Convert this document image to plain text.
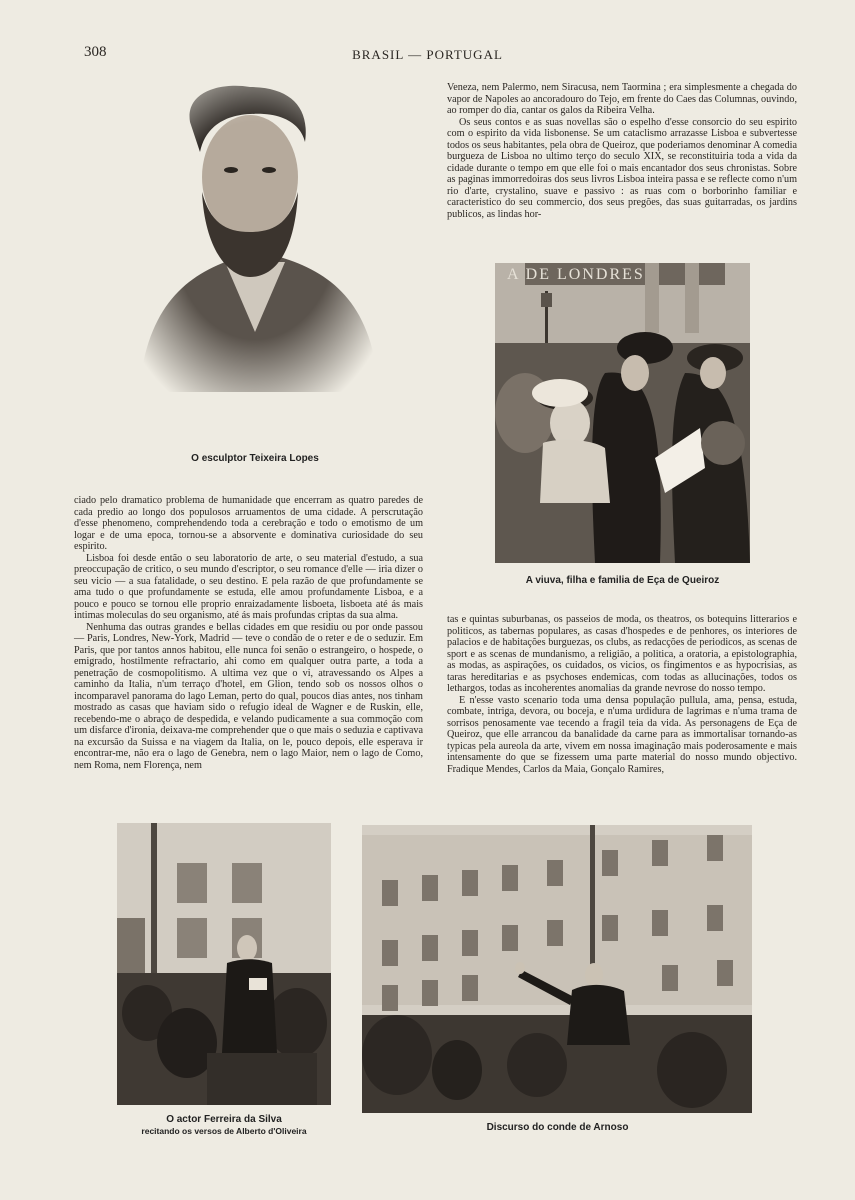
308	BRASIL — PORTUGAL
O esculptor Teixeira Lopes

Veneza, nem Palermo, nem Siracusa, nem Taormina ; era simplesmente a chegada do vapor de Napoles ao ancoradouro do Tejo, em frente do Caes das Columnas, ouvindo, ao romper do dia, cantar os galos da Ribeira Velha.

Os seus contos e as suas novellas são o espelho d'esse consorcio do seu espirito com o espirito da vida lisbonense. Se um cataclismo arrazasse Lisboa e subvertesse todos os seus habitantes, pela obra de Queiroz, que poderiamos denominar A comedia burgueza de Lisboa no ultimo terço do seculo XIX, se reconstituiria toda a vida da cidade durante o tempo em que elle foi o mais encantador dos seus chronistas. Sobre as paginas immorredoiras dos seus livros Lisboa inteira passa e se reflecte como n'um rio d'arte, crystalino, suave e passivo : as ruas com o borborinho familiar e caracteristico do seu commercio, dos seus pregões, das suas guitarradas, os jardins publicos, as lindas hor-

A DE LONDRES
A viuva, filha e familia de Eça de Queiroz

ciado pelo dramatico problema de humanidade que encerram as quatro paredes de cada predio ao longo dos populosos arruamentos de uma cidade. A perscrutação d'esse phenomeno, comprehendendo toda a cerebração e todo o emotismo de um logar e de uma epoca, tornou-se a absorvente e dominativa curiosidade do seu espirito.

Lisboa foi desde então o seu laboratorio de arte, o seu material d'estudo, a sua preoccupação de critico, o seu mundo d'escriptor, o seu romance d'elle — iria dizer o seu vicio — a sua fatalidade, o seu destino. E pela razão de que profundamente se ama tudo o que profundamente se estuda, elle amou profundamente Lisboa, e a pouco e pouco se tornou elle proprio enraizadamente lisboeta, lisboeta até ás mais intimas moleculas do seu organismo, até ás mais profundas criptas da sua alma.

Nenhuma das outras grandes e bellas cidades em que residiu ou por onde passou — Paris, Londres, New-York, Madrid — teve o condão de o reter e de o seduzir. Em Paris, que por tantos annos habitou, elle nunca foi senão o estrangeiro, o hospede, o emigrado, hostilmente refractario, ahi como em qualquer outra parte, a toda a penetração de cosmopolitismo. A ultima vez que o vi, atravessando os Alpes a caminho da Italia, n'um terraço d'hotel, em Glion, tendo sob os nossos olhos o incomparavel panorama do lago Leman, perto do qual, poucos dias antes, nos tinham mostrado as casas que haviam sido o refugio ideal de Wagner e de Ruskin, elle, recebendo-me o abraço de despedida, e velando pudicamente a sua commoção com um disfarce d'ironia, deixava-me comprehender que o que mais o seduzia e captivava na excursão da Suissa e na viagem da Italia, on le, pouco depois, elle esperava ir encontrar-me, não era o lago de Genebra, nem o lago Maior, nem o lago de Como, nem Roma, nem Florença, nem

tas e quintas suburbanas, os passeios de moda, os theatros, os botequins litterarios e politicos, as tabernas populares, as casas d'hospedes e de penhores, os interiores de palacios e de habitações burguezas, os clubs, as redacções de periodicos, as scenas de sport e as scenas de mundanismo, a religião, a politica, a oratoria, a epistolographia, as modas, as aspirações, os cuidados, os vicios, os fingimentos e as hypocrisias, as taras hereditarias e as psychoses endemicas, com todas as allucinações, todos os lethargos, todas as incoherentes anomalias da grande nevrose do nosso tempo.

E n'esse vasto scenario toda uma densa população pullula, ama, pensa, estuda, combate, intriga, devora, ou boceja, e n'uma urdidura de lagrimas e n'uma trama de sorrisos penosamente vae tecendo a fragil teia da vida. As personagens de Eça de Queiroz, que elle arrancou da banalidade da carne para as immortalisar tornando-as typicas pela aureola da arte, vivem em nossa imaginação mais poderosamente e mais intensamente do que se fizessem uma parte material do nosso mundo objectivo. Fradique Mendes, Carlos da Maia, Gonçalo Ramires,

O actor Ferreira da Silva
recitando os versos de Alberto d'Oliveira	Discurso do conde de Arnoso
